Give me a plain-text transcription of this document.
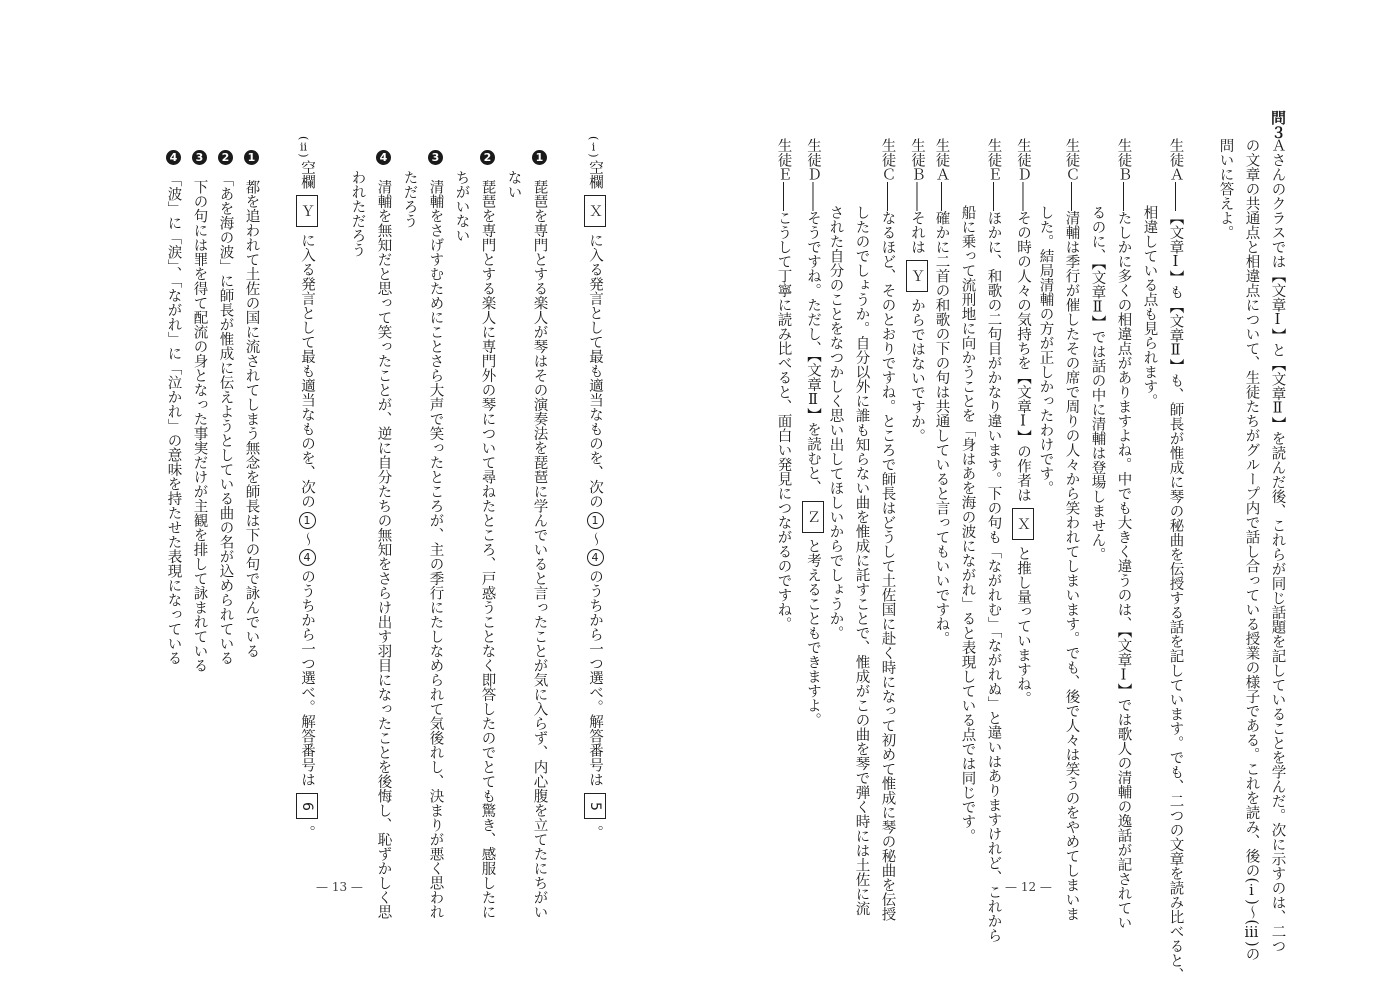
問３
Ａさんのクラスでは【文章Ⅰ】と【文章Ⅱ】を読んだ後、これらが同じ話題を記していることを学んだ。次に示すのは、二つ
の文章の共通点と相違点について、生徒たちがグループ内で話し合っている授業の様子である。これを読み、後の(ⅰ)～(ⅲ)の
問いに答えよ。
生徒Ａ――【文章Ⅰ】も【文章Ⅱ】も、師長が惟成に琴の秘曲を伝授する話を記しています。でも、二つの文章を読み比べると、
相違している点も見られます。
生徒Ｂ――たしかに多くの相違点がありますよね。中でも大きく違うのは、【文章Ⅰ】では歌人の清輔の逸話が記されてい
るのに、【文章Ⅱ】では話の中に清輔は登場しません。
生徒Ｃ――清輔は季行が催したその席で周りの人々から笑われてしまいます。でも、後で人々は笑うのをやめてしまいま
した。結局清輔の方が正しかったわけです。
生徒Ｄ――その時の人々の気持ちを【文章Ⅰ】の作者はＸと推し量っていますね。
生徒Ｅ――ほかに、和歌の二句目がかなり違います。下の句も「ながれむ」「ながれぬ」と違いはありますけれど、これから
船に乗って流刑地に向かうことを「身はあを海の波にながれ」ると表現している点では同じです。
生徒Ａ――確かに二首の和歌の下の句は共通していると言ってもいいですね。
生徒Ｂ――それはＹからではないですか。
生徒Ｃ――なるほど、そのとおりですね。ところで師長はどうして土佐国に赴く時になって初めて惟成に琴の秘曲を伝授
したのでしょうか。自分以外に誰も知らない曲を惟成に託すことで、惟成がこの曲を琴で弾く時には土佐に流
された自分のことをなつかしく思い出してほしいからでしょうか。
生徒Ｄ――そうですね。ただし、【文章Ⅱ】を読むと、Ｚと考えることもできますよ。
生徒Ｅ――こうして丁寧に読み比べると、面白い発見につながるのですね。
— 12 —
(ⅰ)
空欄Ｘに入る発言として最も適当なものを、次の1～4のうちから一つ選べ。解答番号は5。
1　琵琶を専門とする楽人が琴はその演奏法を琵琶に学んでいると言ったことが気に入らず、内心腹を立てたにちがい
ない
2　琵琶を専門とする楽人に専門外の琴について尋ねたところ、戸惑うことなく即答したのでとても驚き、感服したに
ちがいない
3　清輔をさげすむためにことさら大声で笑ったところが、主の季行にたしなめられて気後れし、決まりが悪く思われ
ただろう
4　清輔を無知だと思って笑ったことが、逆に自分たちの無知をさらけ出す羽目になったことを後悔し、恥ずかしく思
われただろう
(ⅱ)
空欄Ｙに入る発言として最も適当なものを、次の1～4のうちから一つ選べ。解答番号は6。
1　都を追われて土佐の国に流されてしまう無念を師長は下の句で詠んでいる
2　「あを海の波」に師長が惟成に伝えようとしている曲の名が込められている
3　下の句には罪を得て配流の身となった事実だけが主観を排して詠まれている
4　「波」に「涙」、「ながれ」に「泣かれ」の意味を持たせた表現になっている
— 13 —
